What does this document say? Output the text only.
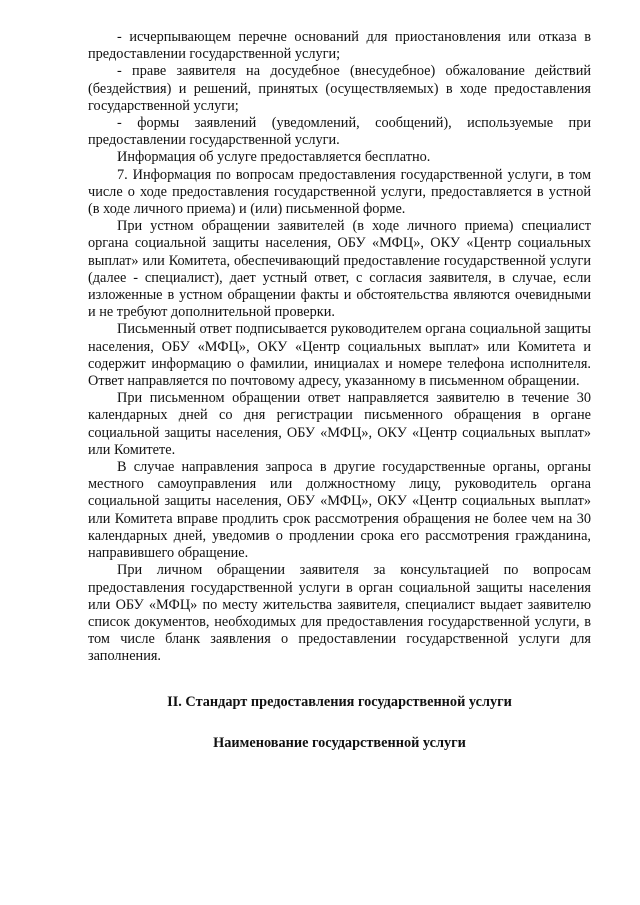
- исчерпывающем перечне оснований для приостановления или отказа в предоставлении государственной услуги;

- праве заявителя на досудебное (внесудебное) обжалование действий (бездействия) и решений, принятых (осуществляемых) в ходе предоставления государственной услуги;

- формы заявлений (уведомлений, сообщений), используемые при предоставлении государственной услуги.

Информация об услуге предоставляется бесплатно.

7. Информация по вопросам предоставления государственной услуги, в том числе о ходе предоставления государственной услуги, предоставляется в устной (в ходе личного приема) и (или) письменной форме.

При устном обращении заявителей (в ходе личного приема) специалист органа социальной защиты населения, ОБУ «МФЦ», ОКУ «Центр социальных выплат» или Комитета, обеспечивающий предоставление государственной услуги (далее - специалист), дает устный ответ, с согласия заявителя, в случае, если изложенные в устном обращении факты и обстоятельства являются очевидными и не требуют дополнительной проверки.

Письменный ответ подписывается руководителем органа социальной защиты населения, ОБУ «МФЦ», ОКУ «Центр социальных выплат» или Комитета и содержит информацию о фамилии, инициалах и номере телефона исполнителя. Ответ направляется по почтовому адресу, указанному в письменном обращении.

При письменном обращении ответ направляется заявителю в течение 30 календарных дней со дня регистрации письменного обращения в органе социальной защиты населения, ОБУ «МФЦ», ОКУ «Центр социальных выплат» или Комитете.

В случае направления запроса в другие государственные органы, органы местного самоуправления или должностному лицу, руководитель органа социальной защиты населения, ОБУ «МФЦ», ОКУ «Центр социальных выплат» или Комитета вправе продлить срок рассмотрения обращения не более чем на 30 календарных дней, уведомив о продлении срока его рассмотрения гражданина, направившего обращение.

При личном обращении заявителя за консультацией по вопросам предоставления государственной услуги в орган социальной защиты населения или ОБУ «МФЦ» по месту жительства заявителя, специалист выдает заявителю список документов, необходимых для предоставления государственной услуги, в том числе бланк заявления о предоставлении государственной услуги для заполнения.

II. Стандарт предоставления государственной услуги

Наименование государственной услуги
